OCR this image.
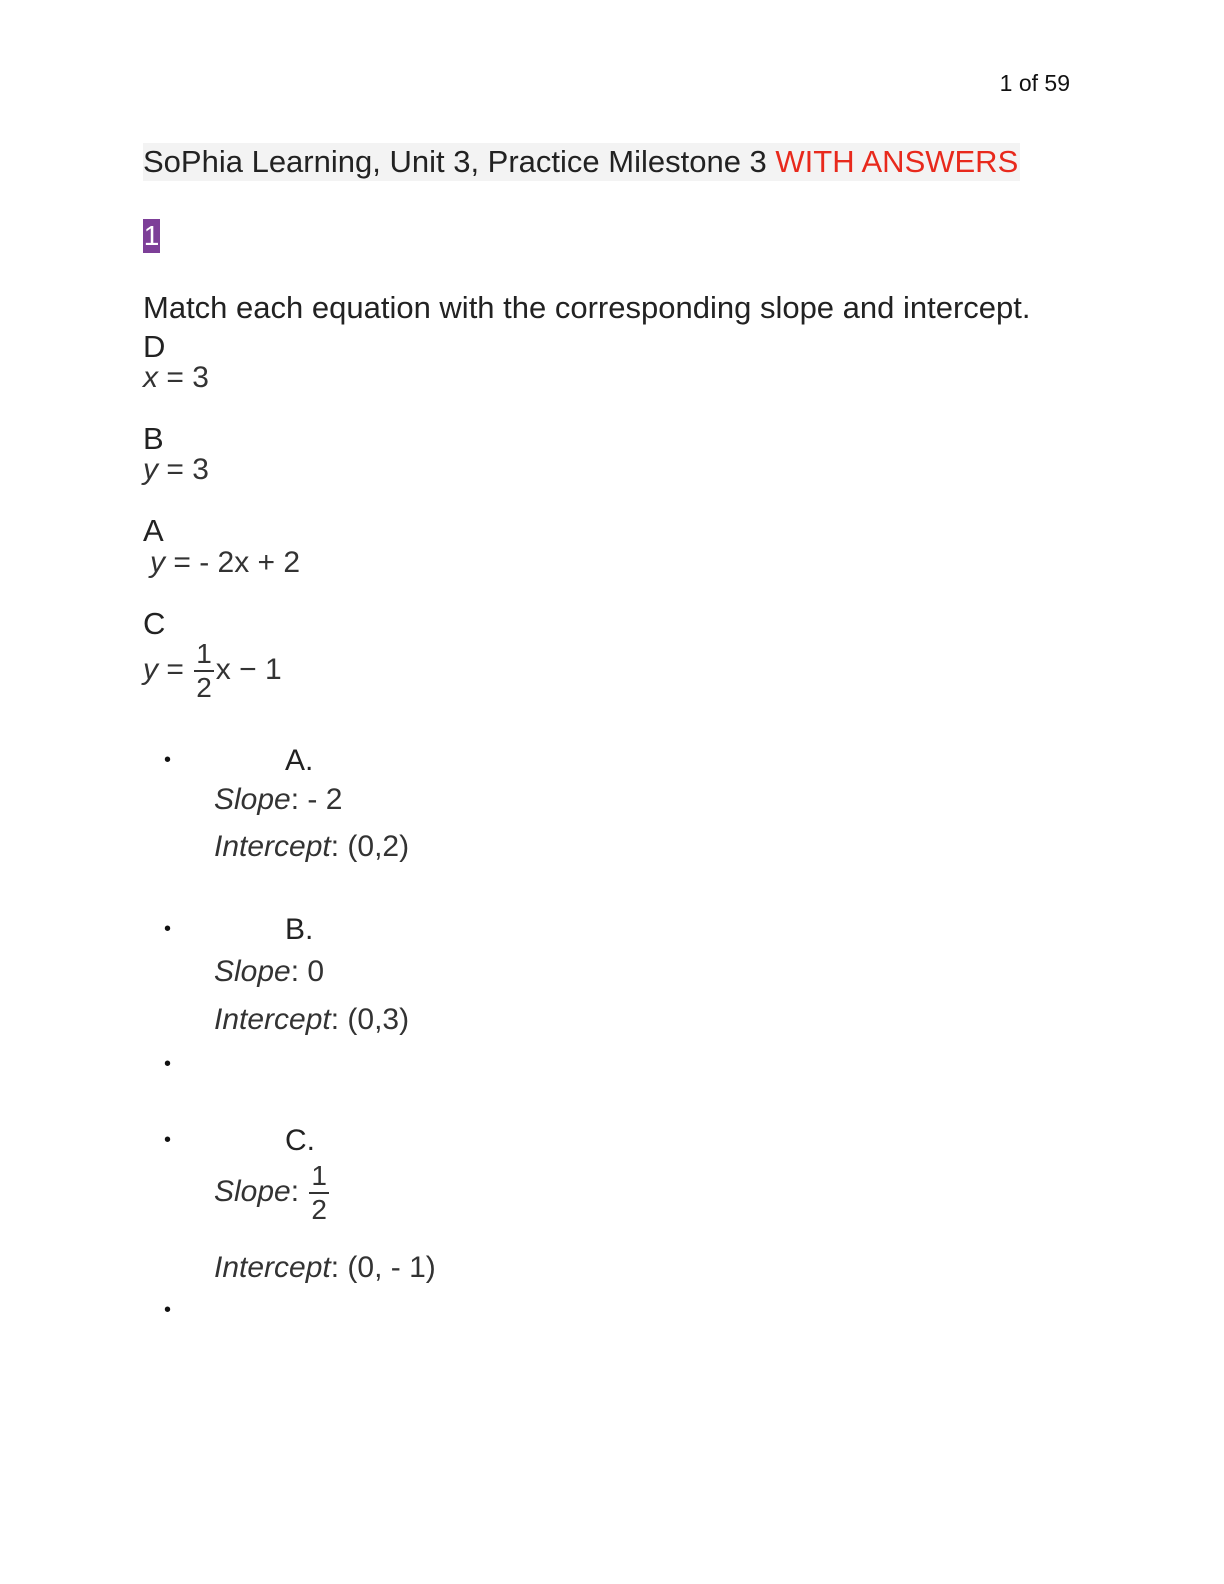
1 of 59
SoPhia Learning, Unit 3, Practice Milestone 3 WITH ANSWERS
1
Match each equation with the corresponding slope and intercept.
D
x = 3
B
y = 3
A
y = - 2x + 2
C
$y = \frac{1}{2}$ x − 1
•	A.
Slope: - 2
Intercept: (0,2)
•	B.
Slope: 0
Intercept: (0,3)
•
•	C.
Slope: $\frac{1}{2}$
Intercept: (0, - 1)
•
